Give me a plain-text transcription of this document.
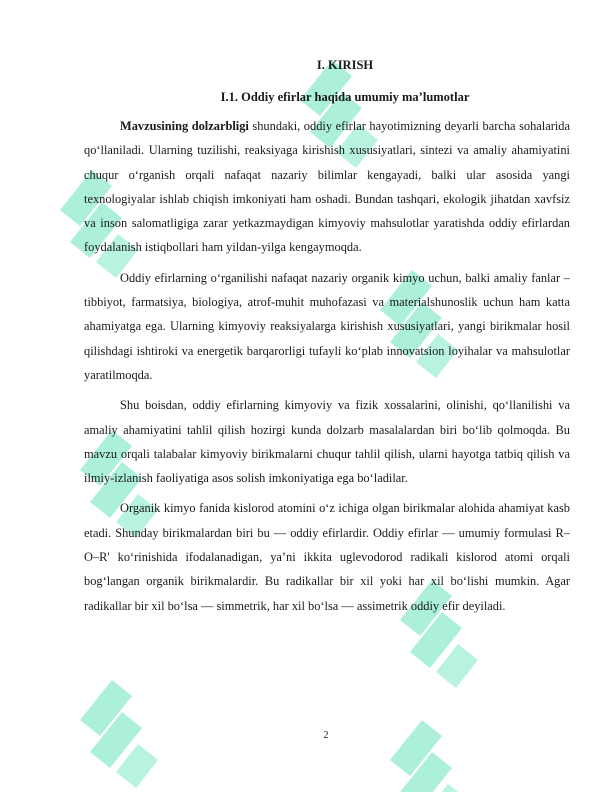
I. KIRISH
I.1. Oddiy efirlar haqida umumiy ma’lumotlar

Mavzusining dolzarbligi shundaki, oddiy efirlar hayotimizning deyarli barcha sohalarida qo‘llaniladi. Ularning tuzilishi, reaksiyaga kirishish xususiyatlari, sintezi va amaliy ahamiyatini chuqur o‘rganish orqali nafaqat nazariy bilimlar kengayadi, balki ular asosida yangi texnologiyalar ishlab chiqish imkoniyati ham oshadi. Bundan tashqari, ekologik jihatdan xavfsiz va inson salomatligiga zarar yetkazmaydigan kimyoviy mahsulotlar yaratishda oddiy efirlardan foydalanish istiqbollari ham yildan-yilga kengaymoqda.

Oddiy efirlarning o‘rganilishi nafaqat nazariy organik kimyo uchun, balki amaliy fanlar – tibbiyot, farmatsiya, biologiya, atrof-muhit muhofazasi va materialshunoslik uchun ham katta ahamiyatga ega. Ularning kimyoviy reaksiyalarga kirishish xususiyatlari, yangi birikmalar hosil qilishdagi ishtiroki va energetik barqarorligi tufayli ko‘plab innovatsion loyihalar va mahsulotlar yaratilmoqda.

Shu boisdan, oddiy efirlarning kimyoviy va fizik xossalarini, olinishi, qo‘llanilishi va amaliy ahamiyatini tahlil qilish hozirgi kunda dolzarb masalalardan biri bo‘lib qolmoqda. Bu mavzu orqali talabalar kimyoviy birikmalarni chuqur tahlil qilish, ularni hayotga tatbiq qilish va ilmiy-izlanish faoliyatiga asos solish imkoniyatiga ega bo‘ladilar.

Organik kimyo fanida kislorod atomini o‘z ichiga olgan birikmalar alohida ahamiyat kasb etadi. Shunday birikmalardan biri bu — oddiy efirlardir. Oddiy efirlar — umumiy formulasi R–O–R' ko‘rinishida ifodalanadigan, ya’ni ikkita uglevodorod radikali kislorod atomi orqali bog‘langan organik birikmalardir. Bu radikallar bir xil yoki har xil bo‘lishi mumkin. Agar radikallar bir xil bo‘lsa — simmetrik, har xil bo‘lsa — assimetrik oddiy efir deyiladi.

2
